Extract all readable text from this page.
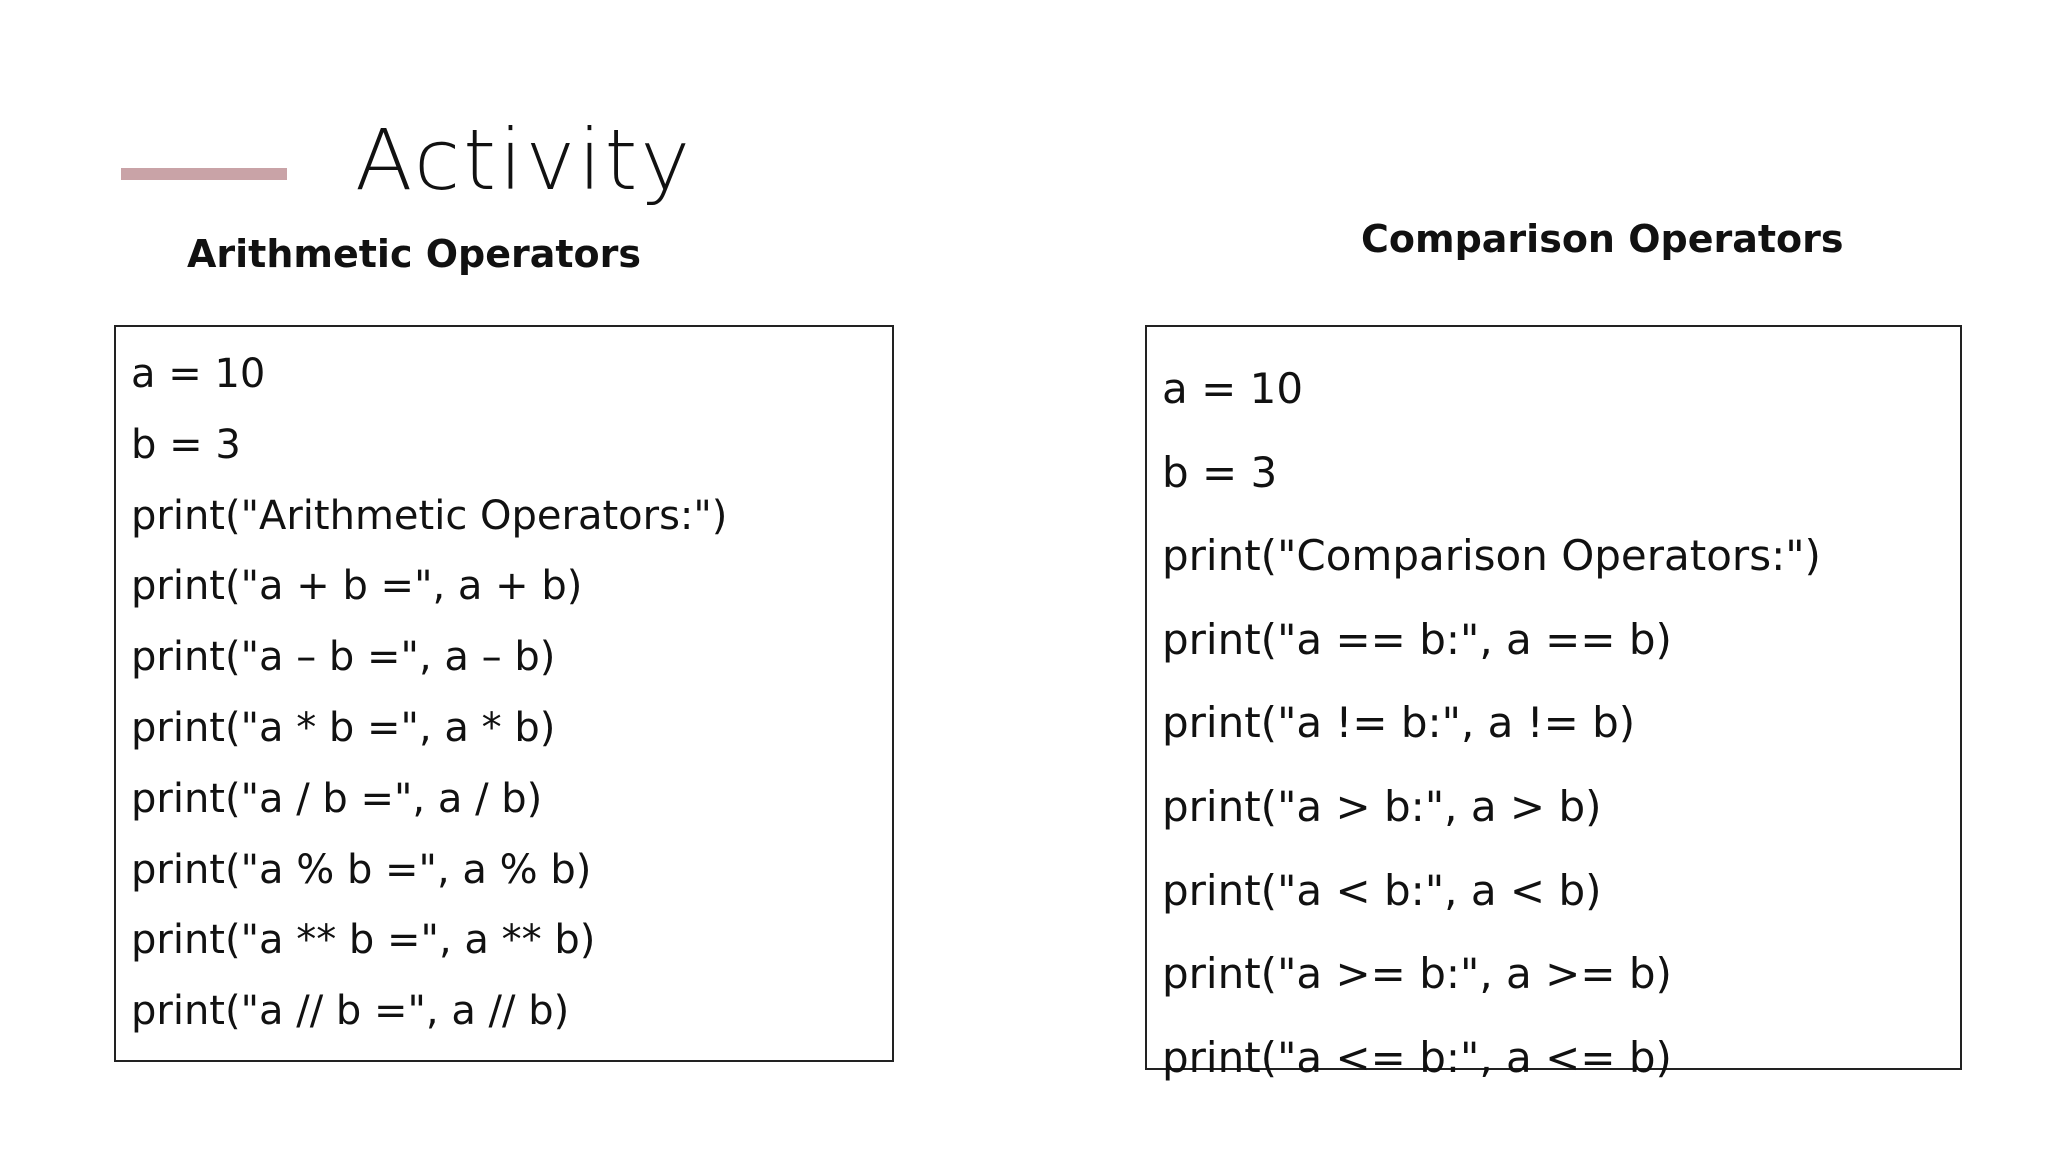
Activity
Arithmetic Operators	Comparison Operators
a = 10
b = 3
print("Arithmetic Operators:")
print("a + b =", a + b)
print("a – b =", a – b)
print("a * b =", a * b)
print("a / b =", a / b)
print("a % b =", a % b)
print("a ** b =", a ** b)
print("a // b =", a // b)
a = 10
b = 3
print("Comparison Operators:")
print("a == b:", a == b)
print("a != b:", a != b)
print("a > b:", a > b)
print("a < b:", a < b)
print("a >= b:", a >= b)
print("a <= b:", a <= b)
